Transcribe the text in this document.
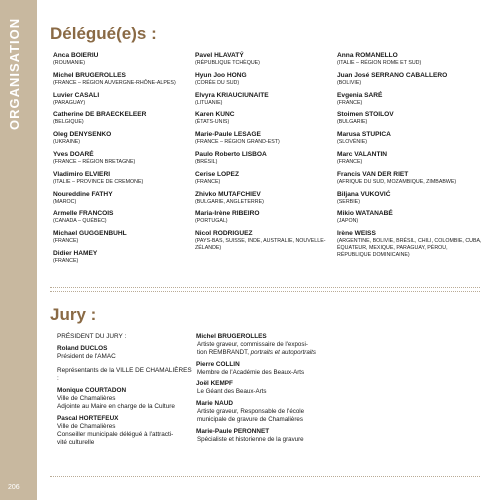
ORGANISATION
206
Délégué(e)s :
Anca BOIERIU
(ROUMANIE)
Michel BRUGEROLLES
(FRANCE – RÉGION AUVERGNE-RHÔNE-ALPES)
Luvier CASALI
(PARAGUAY)
Catherine DE BRAECKELEER
(BELGIQUE)
Oleg DENYSENKO
(UKRAINE)
Yves DOARÉ
(FRANCE – RÉGION BRETAGNE)
Vladimiro ELVIERI
(ITALIE – PROVINCE DE CREMONE)
Noureddine FATHY
(MAROC)
Armelle FRANCOIS
(CANADA – QUÉBEC)
Michael GUGGENBUHL
(FRANCE)
Didier HAMEY
(FRANCE)
Pavel HLAVATÝ
(RÉPUBLIQUE TCHÈQUE)
Hyun Joo HONG
(CORÉE DU SUD)
Elvyra KRIAUCIUNAITE
(LITUANIE)
Karen KUNC
(ÉTATS-UNIS)
Marie-Paule LESAGE
(FRANCE – RÉGION GRAND-EST)
Paulo Roberto LISBOA
(BRÉSIL)
Cerise LOPEZ
(FRANCE)
Zhivko MUTAFCHIEV
(BULGARIE, ANGLETERRE)
Maria-Irène RIBEIRO
(PORTUGAL)
Nicol RODRIGUEZ
(PAYS-BAS, SUISSE, INDE, AUSTRALIE, NOUVELLE-ZÉLANDE)
Anna ROMANELLO
(ITALIE – RÉGION ROME ET SUD)
Juan José SERRANO CABALLERO
(BOLIVIE)
Evgenia SARÉ
(FRANCE)
Stoimen STOILOV
(BULGARIE)
Marusa STUPICA
(SLOVÉNIE)
Marc VALANTIN
(FRANCE)
Francis VAN DER RIET
(AFRIQUE DU SUD, MOZAMBIQUE, ZIMBABWE)
Biljana VUKOVIĆ
(SERBIE)
Mikio WATANABÉ
(JAPON)
Irène WEISS
(ARGENTINE, BOLIVIE, BRÉSIL, CHILI, COLOMBIE, CUBA, ÉQUATEUR, MEXIQUE, PARAGUAY, PÉROU, RÉPUBLIQUE DOMINICAINE)
Jury :
PRÉSIDENT DU JURY :
Roland DUCLOS
Président de l'AMAC
Représentants de la VILLE DE CHAMALIÈRES :
Monique COURTADON
Ville de Chamalières
Adjointe au Maire en charge de la Culture
Pascal HORTEFEUX
Ville de Chamalières
Conseiller municipale délégué à l'attracti-
vité culturelle
Michel BRUGEROLLES
Artiste graveur, commissaire de l'exposi-
tion REMBRANDT, portraits et autoportraits
Pierre COLLIN
Membre de l'Académie des Beaux-Arts
Joël KEMPF
Le Géant des Beaux-Arts
Marie NAUD
Artiste graveur, Responsable de l'école
municipale de gravure de Chamalières
Marie-Paule PERONNET
Spécialiste et historienne de la gravure
